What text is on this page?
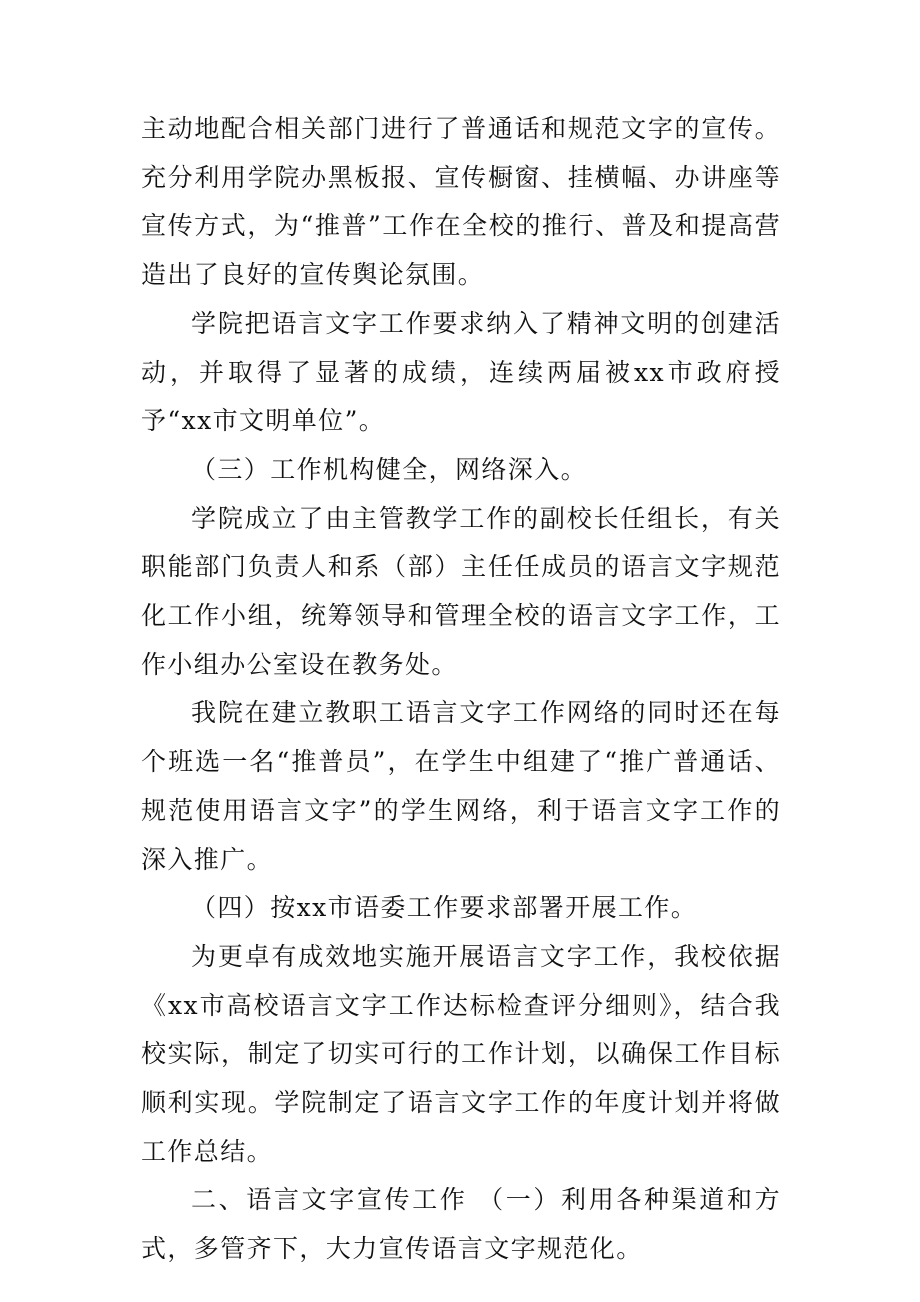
主动地配合相关部门进行了普通话和规范文字的宣传。充分利用学院办黑板报、宣传橱窗、挂横幅、办讲座等宣传方式，为“推普”工作在全校的推行、普及和提高营造出了良好的宣传舆论氛围。

学院把语言文字工作要求纳入了精神文明的创建活动，并取得了显著的成绩，连续两届被xx市政府授予“xx市文明单位”。

（三）工作机构健全，网络深入。

学院成立了由主管教学工作的副校长任组长，有关职能部门负责人和系（部）主任任成员的语言文字规范化工作小组，统筹领导和管理全校的语言文字工作，工作小组办公室设在教务处。

我院在建立教职工语言文字工作网络的同时还在每个班选一名“推普员”，在学生中组建了“推广普通话、规范使用语言文字”的学生网络，利于语言文字工作的深入推广。

（四）按xx市语委工作要求部署开展工作。

为更卓有成效地实施开展语言文字工作，我校依据《xx市高校语言文字工作达标检查评分细则》，结合我校实际，制定了切实可行的工作计划，以确保工作目标顺利实现。学院制定了语言文字工作的年度计划并将做工作总结。

二、语言文字宣传工作 （一）利用各种渠道和方式，多管齐下，大力宣传语言文字规范化。
